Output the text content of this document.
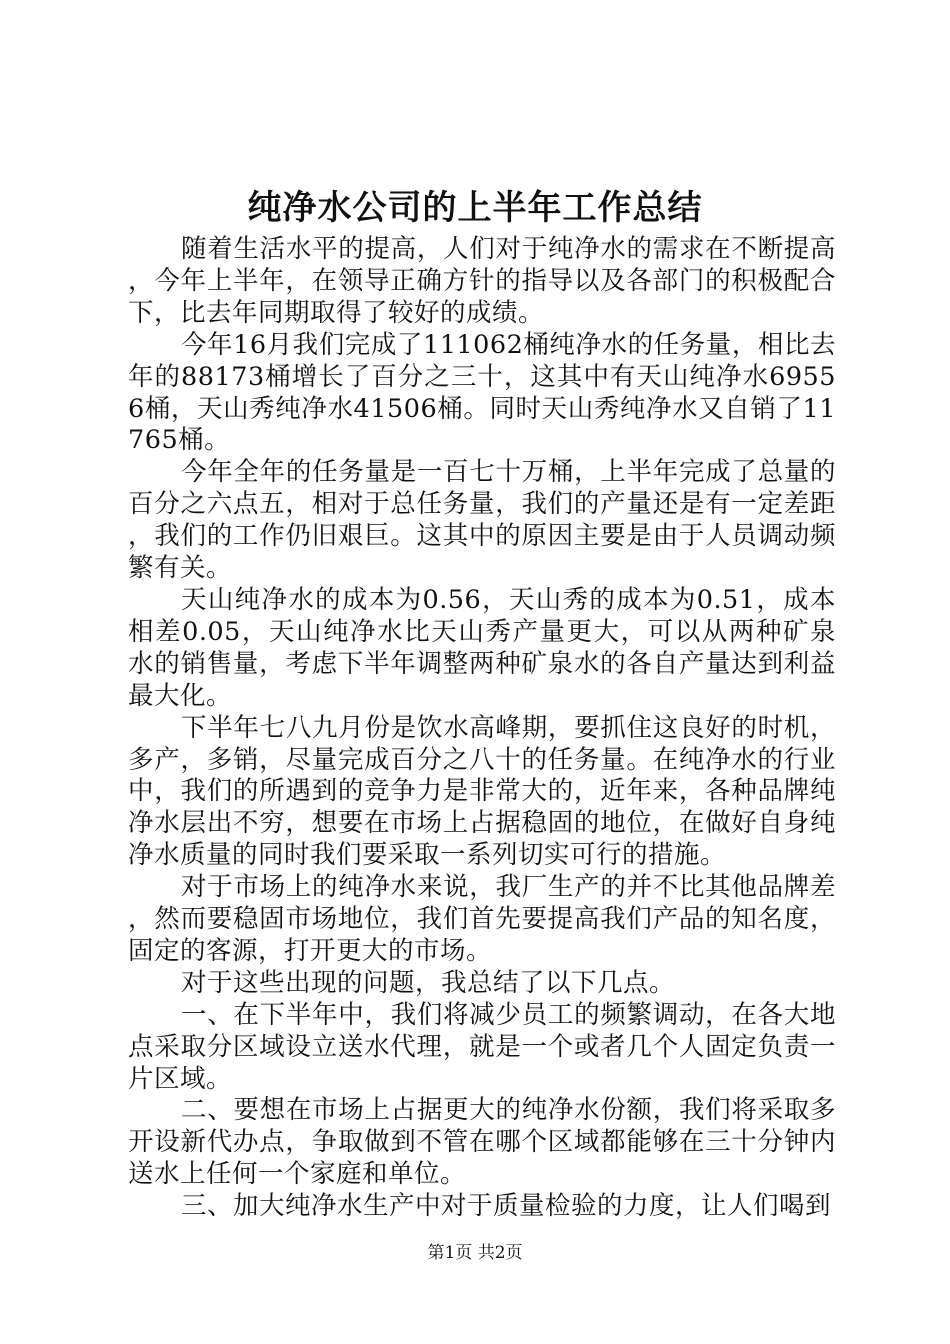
纯净水公司的上半年工作总结

随着生活水平的提高，人们对于纯净水的需求在不断提高，今年上半年，在领导正确方针的指导以及各部门的积极配合下，比去年同期取得了较好的成绩。

今年16月我们完成了111062桶纯净水的任务量，相比去年的88173桶增长了百分之三十，这其中有天山纯净水69556桶，天山秀纯净水41506桶。同时天山秀纯净水又自销了11765桶。

今年全年的任务量是一百七十万桶，上半年完成了总量的百分之六点五，相对于总任务量，我们的产量还是有一定差距，我们的工作仍旧艰巨。这其中的原因主要是由于人员调动频繁有关。

天山纯净水的成本为0.56，天山秀的成本为0.51，成本相差0.05，天山纯净水比天山秀产量更大，可以从两种矿泉水的销售量，考虑下半年调整两种矿泉水的各自产量达到利益最大化。

下半年七八九月份是饮水高峰期，要抓住这良好的时机，多产，多销，尽量完成百分之八十的任务量。在纯净水的行业中，我们的所遇到的竞争力是非常大的，近年来，各种品牌纯净水层出不穷，想要在市场上占据稳固的地位，在做好自身纯净水质量的同时我们要采取一系列切实可行的措施。

对于市场上的纯净水来说，我厂生产的并不比其他品牌差，然而要稳固市场地位，我们首先要提高我们产品的知名度，固定的客源，打开更大的市场。

对于这些出现的问题，我总结了以下几点。

一、在下半年中，我们将减少员工的频繁调动，在各大地点采取分区域设立送水代理，就是一个或者几个人固定负责一片区域。

二、要想在市场上占据更大的纯净水份额，我们将采取多开设新代办点，争取做到不管在哪个区域都能够在三十分钟内送水上任何一个家庭和单位。

三、加大纯净水生产中对于质量检验的力度，让人们喝到

第1页 共2页
